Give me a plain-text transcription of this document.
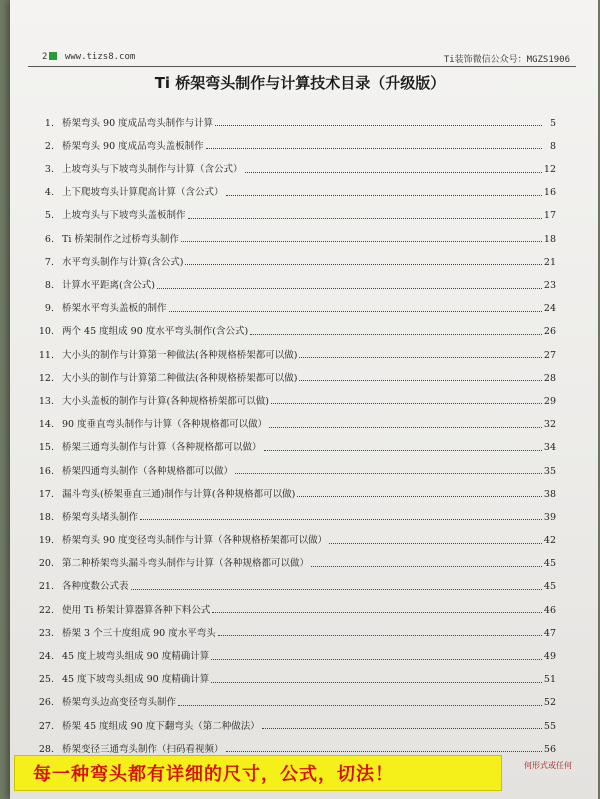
2 www.tizs8.com	Ti装饰微信公众号：MGZS1906
Ti 桥架弯头制作与计算技术目录（升级版）
1. 桥架弯头 90 度成品弯头制作与计算	5
2. 桥架弯头 90 度成品弯头盖板制作	8
3. 上坡弯头与下坡弯头制作与计算（含公式）	12
4. 上下爬坡弯头计算爬高计算（含公式）	16
5. 上坡弯头与下坡弯头盖板制作	17
6. Ti 桥架制作之过桥弯头制作	18
7. 水平弯头制作与计算(含公式)	21
8. 计算水平距离(含公式)	23
9. 桥架水平弯头盖板的制作	24
10. 两个 45 度组成 90 度水平弯头制作(含公式)	26
11. 大小头的制作与计算第一种做法(各种规格桥架都可以做)	27
12. 大小头的制作与计算第二种做法(各种规格桥架都可以做)	28
13. 大小头盖板的制作与计算(各种规格桥架都可以做)	29
14. 90 度垂直弯头制作与计算（各种规格都可以做）	32
15. 桥架三通弯头制作与计算（各种规格都可以做）	34
16. 桥架四通弯头制作（各种规格都可以做）	35
17. 漏斗弯头(桥架垂直三通)制作与计算(各种规格都可以做)	38
18. 桥架弯头堵头制作	39
19. 桥架弯头 90 度变径弯头制作与计算（各种规格桥架都可以做）	42
20. 第二种桥架弯头漏斗弯头制作与计算（各种规格都可以做）	45
21. 各种度数公式表	45
22. 使用 Ti 桥架计算器算各种下料公式	46
23. 桥架 3 个三十度组成 90 度水平弯头	47
24. 45 度上坡弯头组成 90 度精确计算	49
25. 45 度下坡弯头组成 90 度精确计算	51
26. 桥架弯头边高变径弯头制作	52
27. 桥架 45 度组成 90 度下翻弯头（第二种做法）	55
28. 桥架变径三通弯头制作（扫码看视频）	56
何形式或任何
每一种弯头都有详细的尺寸，公式，切法！
